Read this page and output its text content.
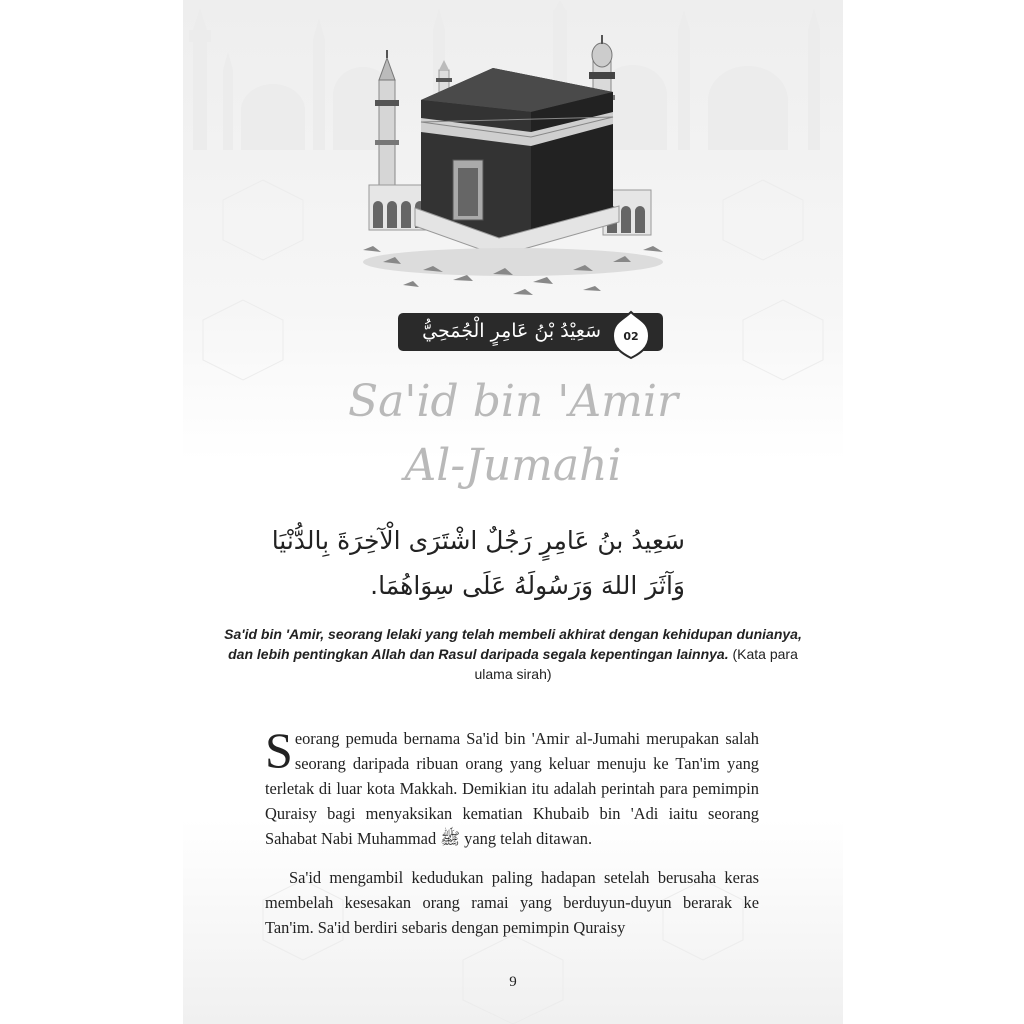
سَعِيْدُ بْنُ عَامِرٍ الْجُمَحِيُّ	02
Sa'id bin 'Amir
Al-Jumahi
سَعِيدُ بنُ عَامِرٍ رَجُلٌ اشْتَرَى الْآخِرَةَ بِالدُّنْيَا
وَآثَرَ اللهَ وَرَسُولَهُ عَلَى سِوَاهُمَا.
Sa'id bin 'Amir, seorang lelaki yang telah membeli akhirat dengan kehidupan dunianya, dan lebih pentingkan Allah dan Rasul daripada segala kepentingan lainnya. (Kata para ulama sirah)

Seorang pemuda bernama Sa'id bin 'Amir al-Jumahi merupakan salah seorang daripada ribuan orang yang keluar menuju ke Tan'im yang terletak di luar kota Makkah. Demikian itu adalah perintah para pemimpin Quraisy bagi menyaksikan kematian Khubaib bin 'Adi iaitu seorang Sahabat Nabi Muhammad ﷺ yang telah ditawan.

Sa'id mengambil kedudukan paling hadapan setelah berusaha keras membelah kesesakan orang ramai yang berduyun-duyun berarak ke Tan'im. Sa'id berdiri sebaris dengan pemimpin Quraisy

9
